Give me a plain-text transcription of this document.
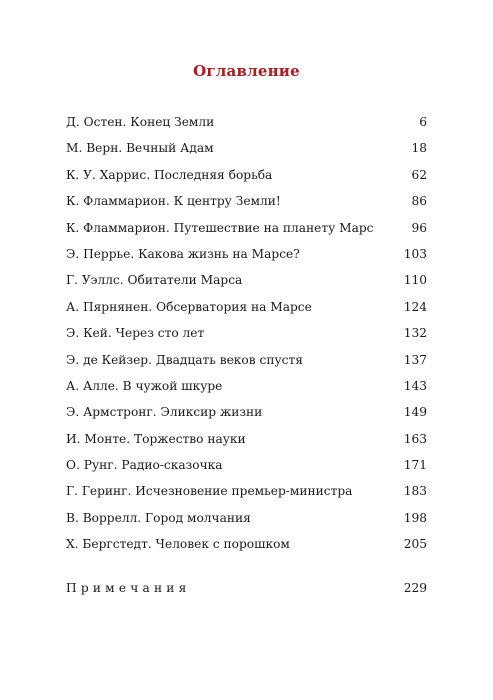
Оглавление
Д. Остен. Конец Земли	6
М. Верн. Вечный Адам	18
К. У. Харрис. Последняя борьба	62
К. Фламмарион. К центру Земли!	86
К. Фламмарион. Путешествие на планету Марс	96
Э. Перрье. Какова жизнь на Марсе?	103
Г. Уэллс. Обитатели Марса	110
А. Пярнянен. Обсерватория на Марсе	124
Э. Кей. Через сто лет	132
Э. де Кейзер. Двадцать веков спустя	137
А. Алле. В чужой шкуре	143
Э. Армстронг. Эликсир жизни	149
И. Монте. Торжество науки	163
О. Рунг. Радио-сказочка	171
Г. Геринг. Исчезновение премьер-министра	183
В. Воррелл. Город молчания	198
Х. Бергстедт. Человек с порошком	205
Примечания	229
